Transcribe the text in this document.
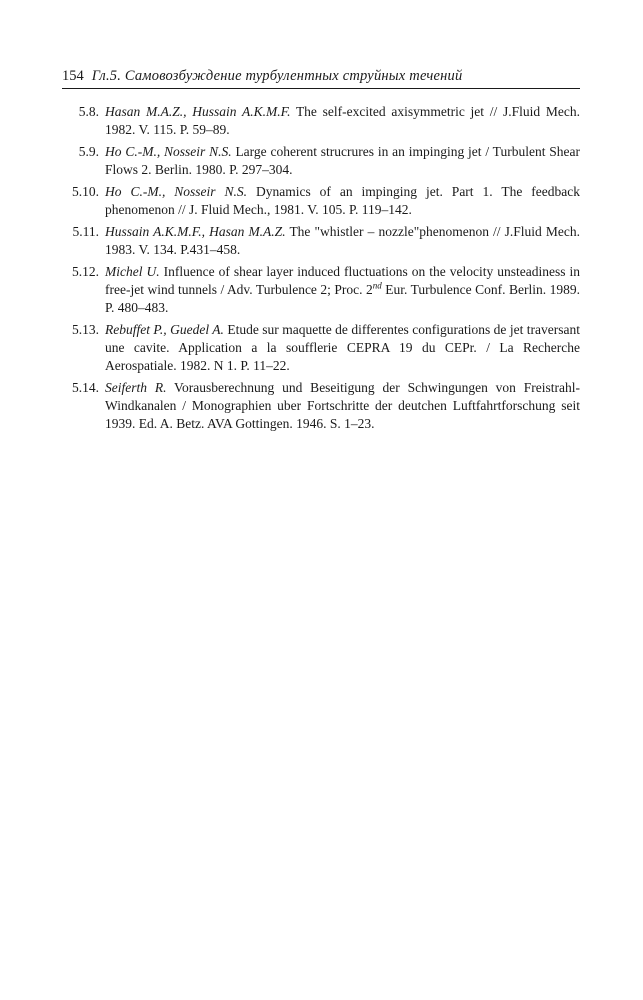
154 Гл.5. Самовозбуждение турбулентных струйных течений
5.8. Hasan M.A.Z., Hussain A.K.M.F. The self-excited axisymmetric jet // J.Fluid Mech. 1982. V. 115. P. 59–89.
5.9. Ho C.-M., Nosseir N.S. Large coherent strucrures in an impinging jet / Turbulent Shear Flows 2. Berlin. 1980. P. 297–304.
5.10. Ho C.-M., Nosseir N.S. Dynamics of an impinging jet. Part 1. The feedback phenomenon // J. Fluid Mech., 1981. V. 105. P. 119–142.
5.11. Hussain A.K.M.F., Hasan M.A.Z. The "whistler – nozzle"phenomenon // J.Fluid Mech. 1983. V. 134. P.431–458.
5.12. Michel U. Influence of shear layer induced fluctuations on the velocity unsteadiness in free-jet wind tunnels / Adv. Turbulence 2; Proc. 2nd Eur. Turbulence Conf. Berlin. 1989. P. 480–483.
5.13. Rebuffet P., Guedel A. Etude sur maquette de differentes configurations de jet traversant une cavite. Application a la soufflerie CEPRA 19 du CEPr. / La Recherche Aerospatiale. 1982. N 1. P. 11–22.
5.14. Seiferth R. Vorausberechnung und Beseitigung der Schwingungen von Freistrahl-Windkanalen / Monographien uber Fortschritte der deutchen Luftfahrtforschung seit 1939. Ed. A. Betz. AVA Gottingen. 1946. S. 1–23.
